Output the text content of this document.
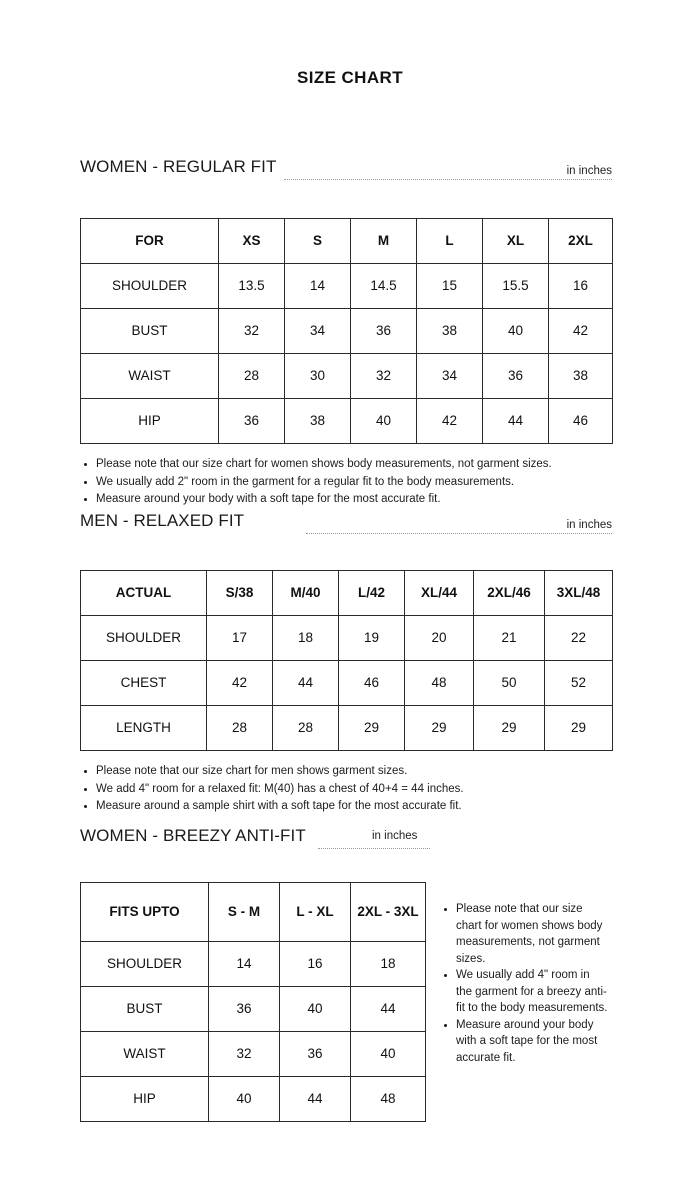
SIZE CHART
WOMEN - REGULAR FIT	in inches
FOR	XS	S	M	L	XL	2XL
SHOULDER	13.5	14	14.5	15	15.5	16
BUST	32	34	36	38	40	42
WAIST	28	30	32	34	36	38
HIP	36	38	40	42	44	46
Please note that our size chart for women shows body measurements, not garment sizes.
We usually add 2" room in the garment for a regular fit to the body measurements.
Measure around your body with a soft tape for the most accurate fit.
MEN - RELAXED FIT	in inches
ACTUAL	S/38	M/40	L/42	XL/44	2XL/46	3XL/48
SHOULDER	17	18	19	20	21	22
CHEST	42	44	46	48	50	52
LENGTH	28	28	29	29	29	29
Please note that our size chart for men shows garment sizes.
We add 4" room for a relaxed fit: M(40) has a chest of 40+4 = 44 inches.
Measure around a sample shirt with a soft tape for the most accurate fit.
WOMEN - BREEZY ANTI-FIT	in inches
FITS UPTO	S - M	L - XL	2XL - 3XL
SHOULDER	14	16	18
BUST	36	40	44
WAIST	32	36	40
HIP	40	44	48
Please note that our size chart for women shows body measurements, not garment sizes.
We usually add 4" room in the garment for a breezy anti-fit to the body measurements.
Measure around your body with a soft tape for the most accurate fit.
